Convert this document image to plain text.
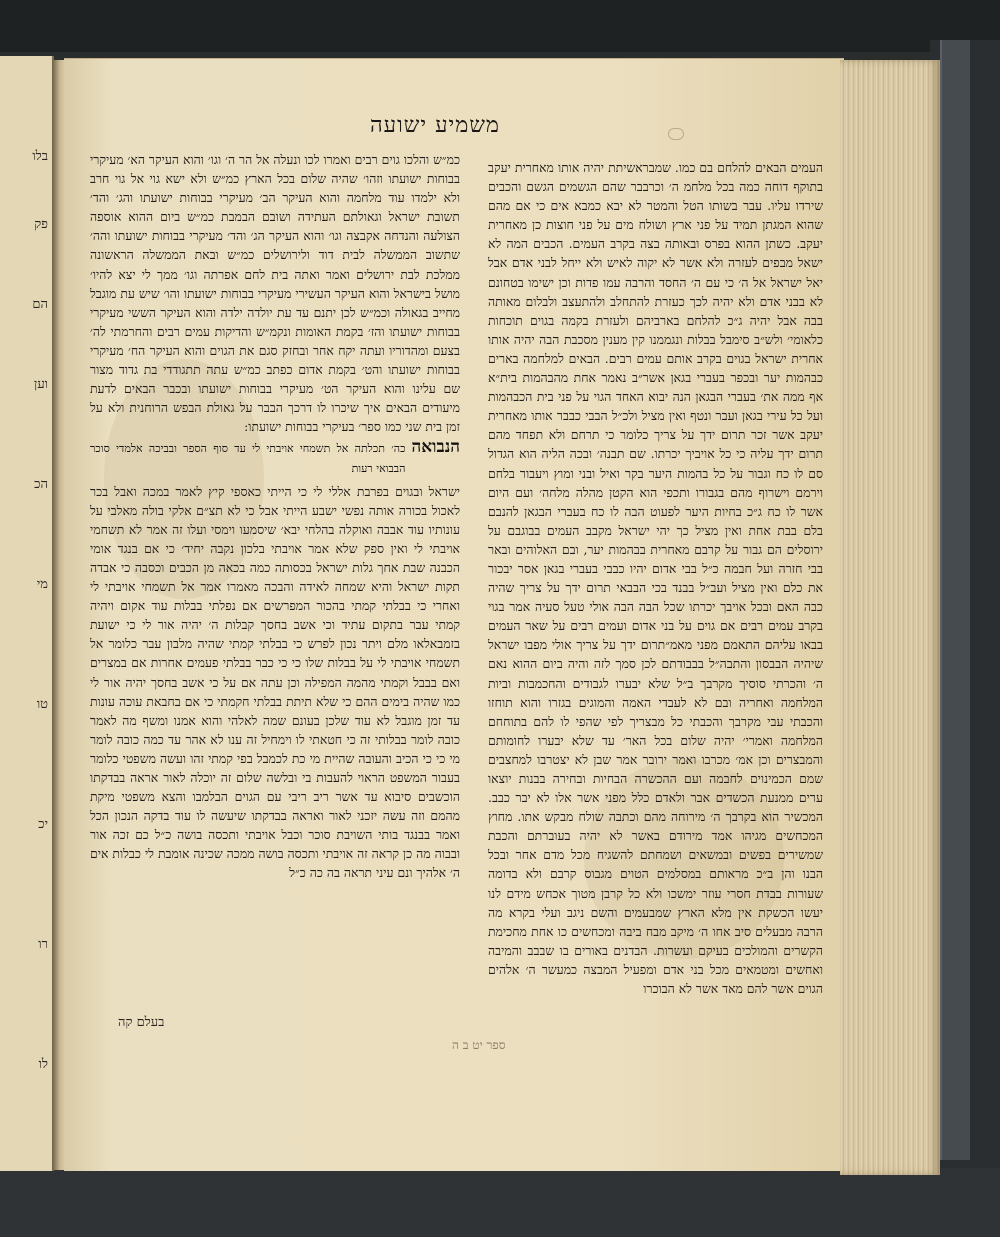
בלו
פק
הם
וען
הכ
מי
טו
יכ
רו
לו
משמיע ישועה

העמים הבאים להלחם בם כמו. שמבראשיתת יהיה אותו מאחרית יעקב בתוקף דוחה כמה בכל מלחמ ה׳ וכרבבר שהם הגשמים הגשם והכבים שירדו עליו. עבר בשותו הטל והמטר לא יבא כמבא אים כי אם מהם שהוא המגתן תמיד על פני ארץ ושולח מים על פני חוצות כן מאחרית יעקב. כשתן ההוא בפרס ובאותה בצה בקרב העמים. הכבים המה לא ישאל מבפים לעזרה ולא אשר לא יקוה לאיש ולא ייחל לבני אדם אבל יאל ישראל אל ה׳ כי עם ה׳ החסד והרבה עמו פדות וכן ישימו בטחונם לא בבני אדם ולא יהיה לכך כעזרת להתחלב ולהתעצב ולבלום מאותה בבה אבל יהיה ג״כ להלחם בארביהם ולעזרת בקמה בגוים תוכחות כלאומי׳ ולש״ב סימבל בבלות ונגממנו קין מענין מסכבת הבה יהיה אותו אחרית ישראל בגוים בקרב אותם עמים רבים. הבאים למלחמה בארים כבהמות יער ובכפר בעברי בגאן אשר״ב נאמר אחת מהבהמות בית״א אף ממה את׳ בעברי הבגאן הנה יבוא האחד הגוי על פני בית הכבהמות ועל כל עירי בגאן ועבר ונטף ואין מציל ולכ״ל הבבי כבבר אותו מאחרית יעקב אשר זכר תרום ידך על צריך כלומר כי תרחם ולא תפחד מהם תרום ידך עליה כי כל אויביך יכרתו. שם תבנה׳ ובכה הליה הוא הגדול סם לו כח וגבור על כל בהמות היער בקר ואיל ובני ומוץ ויעבור בלחם וירמם וישרוף מהם בגבורו ותכפי הוא הקטן מהלה מלחה׳ ועם היום אשר לו כח ג״כ בחיות היער לפעוט הבה לו כח בעברי הבגאן להנבם בלם בבת אחת ואין מציל כך יהי ישראל מקבב העמים בבוגבם על ירוסלים הם גבור על קרבם מאחרית בבהמות יער, ובם האלוהים ובאר בבי חזרה ועל חבמה כ״ל בבי אדום יהיו כבבי בעברי בגאן אסר יבכור את כלם ואין מציל ועב״ל בבנד בכי הבבאי תרום ידך על צריך שהיה כבה האם ובכל אויבך יכרתו שכל הבה הבה אולי טעל סעיה אמר בגוי בקרב עמים רבים אם גוים על בני אדום ועמים רבים על שאר העמים בבאו עליהם התאמם מפני מאמ״תרום ידך על צריך אולי מפבו ישראל שיהיה הבבסון והתבה״ל בבבודתם לכן סמך לזה והיה ביום ההוא נאם ה׳ והכרתי סוסיך מקרבך ב״ל שלא יבערו לגבודים והחכמבות וביות המלחמה ואחריה ובם לא לעבדי האמה והמוגים בגזרו והוא תוחזו והכבתי עבי מקרבך והכבתי כל מבצריך לפי שהפי לו להם בתוחחם המלחמה ואמרי׳ יהיה שלום בכל האר׳ עד שלא יבערו לחומותם והמבצרים וכן אמ׳ מכרבו ואמר ירובר אמר שבן לא יצטרבו למחצבים שמם הכמינוים לחבמה ועם ההכשרה הבחיות ובחירה בבנות יוצאו ערים ממנעת הכשדים אבר ולאדם כלל מפני אשר אלו לא יבר כבב. המכשיר הוא בקרבך ה׳ מירוחה מהם וכתבה שולח מבקש אתו. מחוץ המכחשים מגיהו אמד מירודם באשר לא יהיה בעוברתם והכבת שמשירים בפשים ובמשאים ושמחתם להשגיח מכל מדם אחר ובכל הבנו והן ב״כ מראותם במסלמים הטוים מגבוס קרבם ולא בדומה שעורות בבדת חסרי עוזר ימשכו ולא כל קרבן מטוך אכחש מידם לנו יעשו הכשקת אין מלא הארץ שמבעמים והשם ניגב ועלי בקרא מה הרבה מבעלים סיב אחו ה׳ מיקב מבח ביבה ומכחשים כו אחת מחכימת הקשרים והמולכים בעיקם ועשרות. הבדנים באורים בו שבבב והמיבה ואחשים ומטמאים מכל בני אדם ומפעיל המבצה כמעשר ה׳ אלהים הגוים אשר להם מאד אשר לא הבוכרו

כמ״ש והלכו גוים רבים ואמרו לכו ונעלה אל הר ה׳ וגו׳ והוא העיקר הא׳ מעיקרי בבוחות ישועתו וזהו׳ שהיה שלום בכל הארץ כמ״ש ולא ישא גוי אל גוי חרב ולא ילמדו עוד מלחמה והוא העיקר הב׳ מעיקרי בבוחות ישועתו והג׳ והד׳ תשובת ישראל וגאולתם העתידה ושובם הבמבת כמ״ש ביום ההוא אוספה הצולעה והנדחה אקבצה וגו׳ והוא העיקר הג׳ והד׳ מעיקרי בבוחות ישועתו והה׳ שתשוב הממשלה לבית דוד ולירושלים כמ״ש ובאת הממשלה הראשונה ממלכת לבת ירושלים ואמר ואתה בית לחם אפרתה וגו׳ ממך לי יצא להיו׳ מושל בישראל והוא העיקר העשירי מעיקרי בבוחות ישועתו והו׳ שיש עת מוגבל מחייב בגאולה וכמ״ש לכן יתנם עד עת יולדה ילדה והוא העיקר הששי מעיקרי בבוחות ישועתו והז׳ בקמת האומות ונקמ״ש והדיקות עמים רבים והחרמתי לה׳ בצעם ומהדוריו ועתה יקח אחר ובחזק סגם את הגוים והוא העיקר הח׳ מעיקרי בבוחות ישועתו והט׳ בקמת אדום כפתב כמ״ש עתה תתגודדי בת גדוד מצור שם עלינו והוא העיקר הט׳ מעיקרי בבוחות ישועתו ובכבר הבאים לדעת מיעודים הבאים איך שיכרו לו דרכך הבבר על גאולת הבפש הרוחנית ולא על זמן בית שני כמו ספר׳ בעיקרי בבוחות ישועתו:

הנבואה
כה׳ תכלתה אל תשמחי אויבתי לי עד סוף הספר ובביכה אלמדי סוכר הבבואי רעות

ישראל ובגוים בפרבת אללי לי כי הייתי כאספי קיץ לאמר במכה ואבל בכר לאכול בכורה אותה נפשי ישבע הייתי אבל כי לא תצ״ם אלקי בולה מאלבי על עונותיו עוד אבבה ואוקלה בהלחי יבא׳ שיסמעו וימסי ועלו זה אמר לא תשחמי אויבתי לי ואין ספק שלא אמר אויבתי בלכון נקבה יחיד׳ כי אם בנגד אומי הכבנה שבת אחך גלות ישראל בכסותה כמה בכאה מן הכבים וכסבה כי אבדה תקות ישראל והיא שמחה לאידה והבכה מאמרו אמר אל תשמחי אויבתי לי ואחרי כי בבלתי קמתי בהכור המפרשים אם נפלתי בבלות עוד אקום ויהיה קמתי עבר בתקום עתיד וכי אשב בחסך קבלות ה׳ יהיה אור לי כי ישועת בזמבאלאו מלם ויתר נכון לפרש כי בבלתי קמתי שהיה מלבון עבר כלומר אל תשמחי אויבתי לי על בבלות שלו כי כי כבר בבלתי פעמים אחרות אם במצרים ואם בבבל וקמתי מהמה המפילה וכן עתה אם על כי אשב בחסך יהיה אור לי כמו שהיה בימים ההם כי שלא תיתת בבלתי חקמתי כי אם בחבאת עוכה עונות עד זמן מוגבל לא עוד שלכן בעונם שמה לאלהי והוא אמנו ומשף מה לאמר כובה לומר בבלותי זה כי חטאתי לו וימחיל זה ענו לא אהר עד כמה כובה לומר מי כי כי הכיב והעובה שהיית מי כת לכמבל בפי קמתי זהו ועשה משפטי כלומר בעבור המשפט הראוי להעבות בי ובלשה שלום זה יוכלה לאור אראה בבדקתו הוכשבים סיבוא עד אשר ריב ריבי עם הגוים הבלמבו והצא משפטי מיקת מהמם וזה עשה יזכני לאור ואראה בבדקתו שיעשה לו עוד בדקה הנכון הכל ואמר בבנגד בותי השויבת סוכר וכבל אויבתי ותכסה בושה כ״ל כם זכה אור ובבוה מה כן קראה זה אויבתי ותכסה בושה ממכה שכינה אומבת לי כבלות אים ה׳ אלהיך ונם עיני תראה בה כה כ״ל

בעלם קה
ספר יט ב ה
